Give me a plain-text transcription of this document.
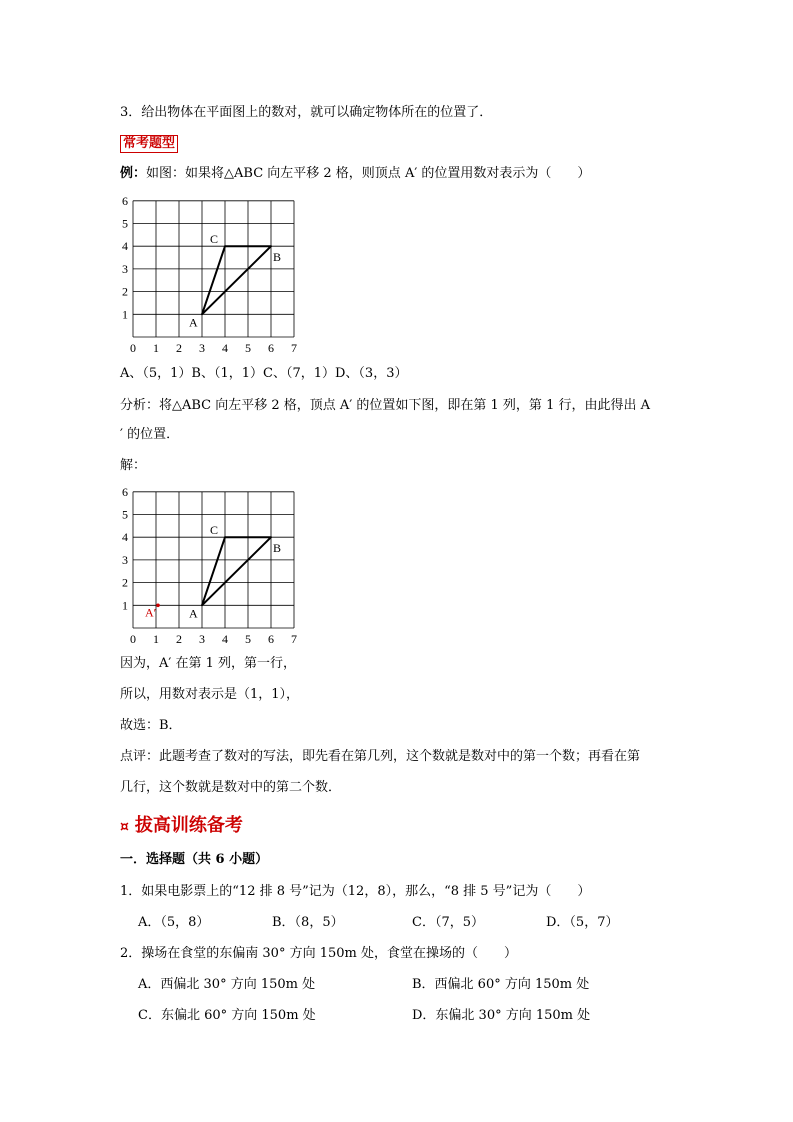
3．给出物体在平面图上的数对，就可以确定物体所在的位置了．
常考题型
例：如图：如果将△ABC 向左平移 2 格，则顶点 A′ 的位置用数对表示为（　　）
0 1 2 3 4 5 6 7
1
2
3
4
5
6
A
B
C
A、（5，1）B、（1，1）C、（7，1）D、（3，3）
分析：将△ABC 向左平移 2 格，顶点 A′ 的位置如下图，即在第 1 列，第 1 行，由此得出 A
′ 的位置．
解：
0 1 2 3 4 5 6 7
1
2
3
4
5
6
A
B
C
A′
因为，A′ 在第 1 列，第一行，
所以，用数对表示是（1，1），
故选：B．
点评：此题考查了数对的写法，即先看在第几列，这个数就是数对中的第一个数；再看在第
几行，这个数就是数对中的第二个数．
¤ 拔高训练备考
一．选择题（共 6 小题）
1．如果电影票上的“12 排 8 号”记为（12，8），那么，“8 排 5 号”记为（　　）
A．（5，8）	B．（8，5）	C．（7，5）	D．（5，7）
2．操场在食堂的东偏南 30° 方向 150m 处，食堂在操场的（　　）
A．西偏北 30° 方向 150m 处	B．西偏北 60° 方向 150m 处
C．东偏北 60° 方向 150m 处	D．东偏北 30° 方向 150m 处
